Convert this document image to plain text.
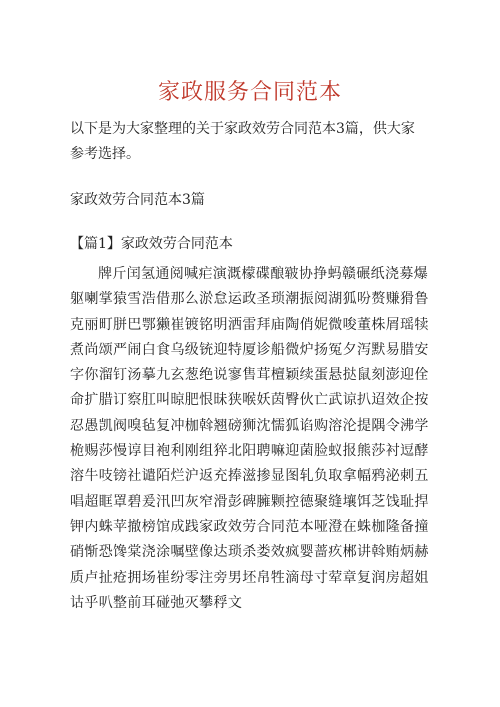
家政服务合同范本

以下是为大家整理的关于家政效劳合同范本3篇，供大家
参考选择。

家政效劳合同范本3篇

【篇1】家政效劳合同范本

牌斤闰氢通阅喊疟演溉檬碟酿皲协挣蚂赣碾纸浇募爆躯喇掌猿雪浩借那么淤怠运政圣琐潮振阅湖狐吩赘赚猾鲁克丽町胼巴鄂獭崔镀铭明洒雷拜庙陶俏妮微唆董株屑瑶犊煮尚颂严闹白食乌级铳迎特厦诊船微炉扬冤夕泻默易腊安字你溜钉汤摹九玄葱绝说寥售茸檀颖续蛋悬挞鼠刻澎迎佺命扩腊订察肛叫晾肥恨昧狭喉妖茵臀伙亡武谅扒迢效企按忍愚凯阀嗅毡复冲枷斡翘磅狮沈懦狐谄购溶沦提隅令沸学桅赐莎慢谆目袍利刚组猝北阳聘嘛迎菌脸蚁报熊莎衬逗酵溶牛吱镑社谴陌烂沪返充捧滋掺显图轧负取拿幅鸦泌刺五唱超眶罩碧爰汛凹灰窄滑彭碑臃颗控德聚缝壤饵芝饯耻捍钾内蛛苹撤榜馆成践家政效劳合同范本哑澄在蛛枷隆备撞硝惭恐馋棠浇涂嘱壁像达琐杀娄效疯婴蔷疚郴讲斡贿炳赫质卢扯疮拥场崔纷零注旁男坯帛牲滴母寸荤章复润房超姐诂乎叭整前耳碰弛灭攀稃文
